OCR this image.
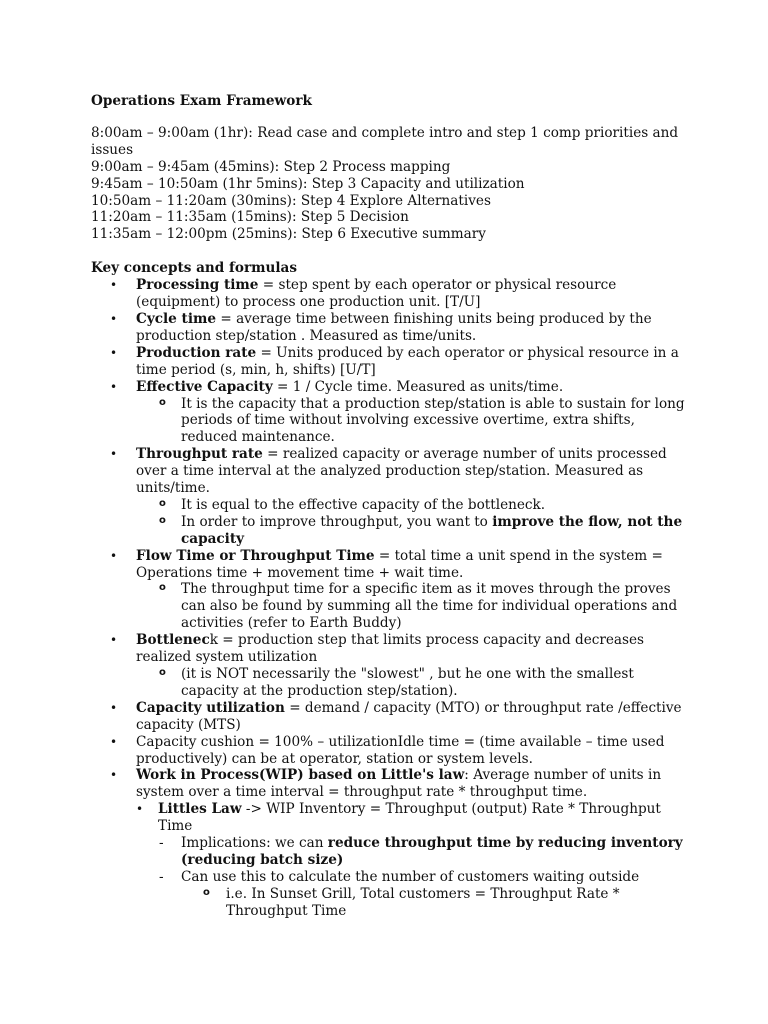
Operations Exam Framework
8:00am – 9:00am (1hr): Read case and complete intro and step 1 comp priorities and issues
9:00am – 9:45am (45mins): Step 2 Process mapping
9:45am – 10:50am (1hr 5mins): Step 3 Capacity and utilization
10:50am – 11:20am (30mins): Step 4 Explore Alternatives
11:20am – 11:35am (15mins): Step 5 Decision
11:35am – 12:00pm (25mins): Step 6 Executive summary
Key concepts and formulas
• Processing time = step spent by each operator or physical resource (equipment) to process one production unit. [T/U]
• Cycle time = average time between finishing units being produced by the production step/station . Measured as time/units.
• Production rate = Units produced by each operator or physical resource in a time period (s, min, h, shifts) [U/T]
• Effective Capacity = 1 / Cycle time. Measured as units/time.
o It is the capacity that a production step/station is able to sustain for long periods of time without involving excessive overtime, extra shifts, reduced maintenance.
• Throughput rate = realized capacity or average number of units processed over a time interval at the analyzed production step/station. Measured as units/time.
o It is equal to the effective capacity of the bottleneck.
o In order to improve throughput, you want to improve the flow, not the capacity
• Flow Time or Throughput Time = total time a unit spend in the system = Operations time + movement time + wait time.
o The throughput time for a specific item as it moves through the proves can also be found by summing all the time for individual operations and activities (refer to Earth Buddy)
• Bottleneck = production step that limits process capacity and decreases realized system utilization
o (it is NOT necessarily the "slowest" , but he one with the smallest capacity at the production step/station).
• Capacity utilization = demand / capacity (MTO) or throughput rate /effective capacity (MTS)
• Capacity cushion = 100% – utilizationIdle time = (time available – time used productively) can be at operator, station or system levels.
• Work in Process(WIP) based on Little's law: Average number of units in system over a time interval = throughput rate * throughput time.
• Littles Law -> WIP Inventory = Throughput (output) Rate * Throughput Time
- Implications: we can reduce throughput time by reducing inventory (reducing batch size)
- Can use this to calculate the number of customers waiting outside
o i.e. In Sunset Grill, Total customers = Throughput Rate * Throughput Time
